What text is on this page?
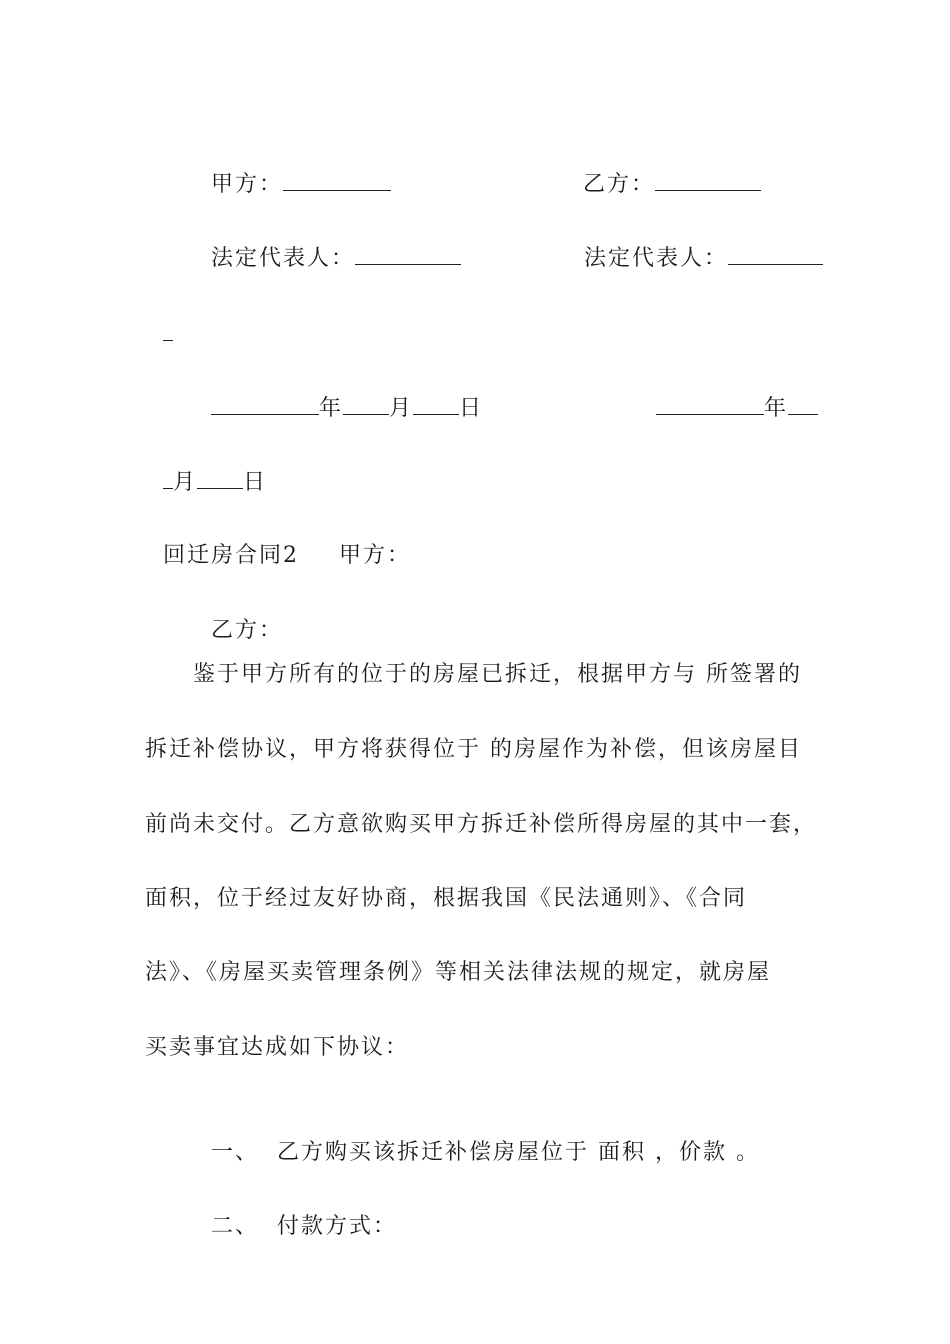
甲方：	乙方：

法定代表人：	法定代表人：

年 月 日	年

月 日

回迁房合同2 甲方：

乙方：

鉴于甲方所有的位于的房屋已拆迁，根据甲方与 所签署的
拆迁补偿协议，甲方将获得位于 的房屋作为补偿，但该房屋目
前尚未交付。乙方意欲购买甲方拆迁补偿所得房屋的其中一套，
面积，位于经过友好协商，根据我国《民法通则》、《合同
法》、《房屋买卖管理条例》等相关法律法规的规定，就房屋
买卖事宜达成如下协议：

一、 乙方购买该拆迁补偿房屋位于 面积 ，价款 。

二、 付款方式：
